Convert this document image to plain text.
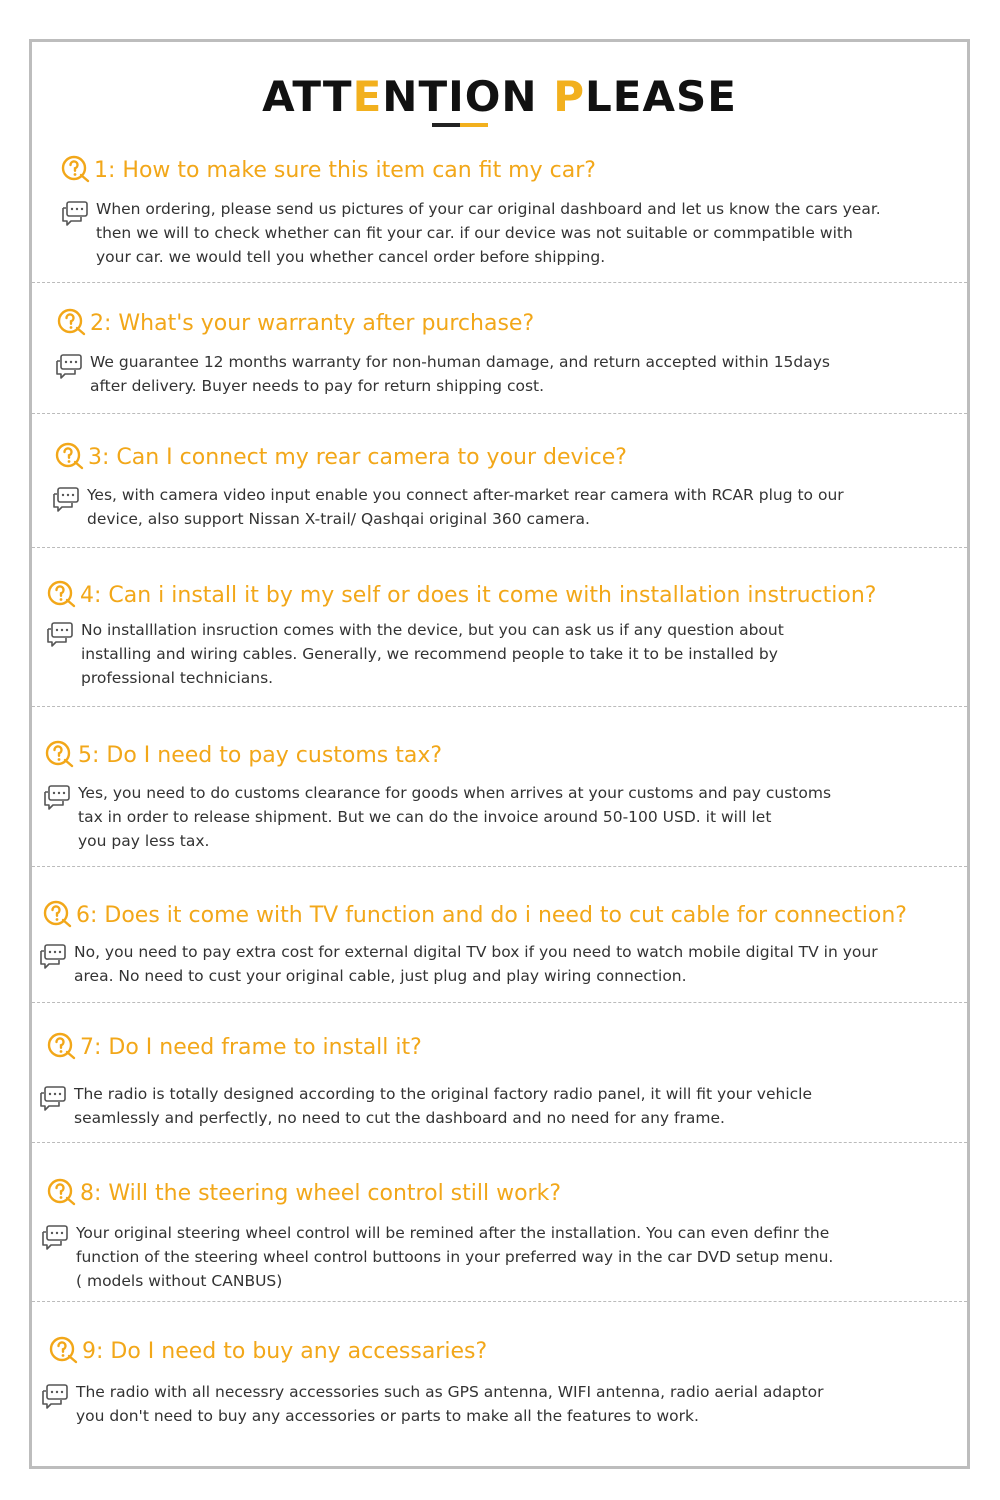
ATTENTION PLEASE
1: How to make sure this item can fit my car?
When ordering, please send us pictures of your car original dashboard and let us know the cars year.
then we will to check whether can fit your car. if our device was not suitable or commpatible with
your car. we would tell you whether cancel order before shipping.
2: What's your warranty after purchase?
We guarantee 12 months warranty for non-human damage, and return accepted within 15days
after delivery. Buyer needs to pay for return shipping cost.
3: Can I connect my rear camera to your device?
Yes, with camera video input enable you connect after-market rear camera with RCAR plug to our
device, also support Nissan X-trail/ Qashqai original 360 camera.
4: Can i install it by my self or does it come with installation instruction?
No installlation insruction comes with the device, but you can ask us if any question about
installing and wiring cables. Generally, we recommend people to take it to be installed by
professional technicians.
5: Do I need to pay customs tax?
Yes, you need to do customs clearance for goods when arrives at your customs and pay customs
tax in order to release shipment. But we can do the invoice around 50-100 USD. it will let
you pay less tax.
6: Does it come with TV function and do i need to cut cable for connection?
No, you need to pay extra cost for external digital TV box if you need to watch mobile digital TV in your
area. No need to cust your original cable, just plug and play wiring connection.
7: Do I need frame to install it?
The radio is totally designed according to the original factory radio panel, it will fit your vehicle
seamlessly and perfectly, no need to cut the dashboard and no need for any frame.
8: Will the steering wheel control still work?
Your original steering wheel control will be remined after the installation. You can even definr the
function of the steering wheel control buttoons in your preferred way in the car DVD setup menu.
( models without CANBUS)
9: Do I need to buy any accessaries?
The radio with all necessry accessories such as GPS antenna, WIFI antenna, radio aerial adaptor
you don't need to buy any accessories or parts to make all the features to work.
